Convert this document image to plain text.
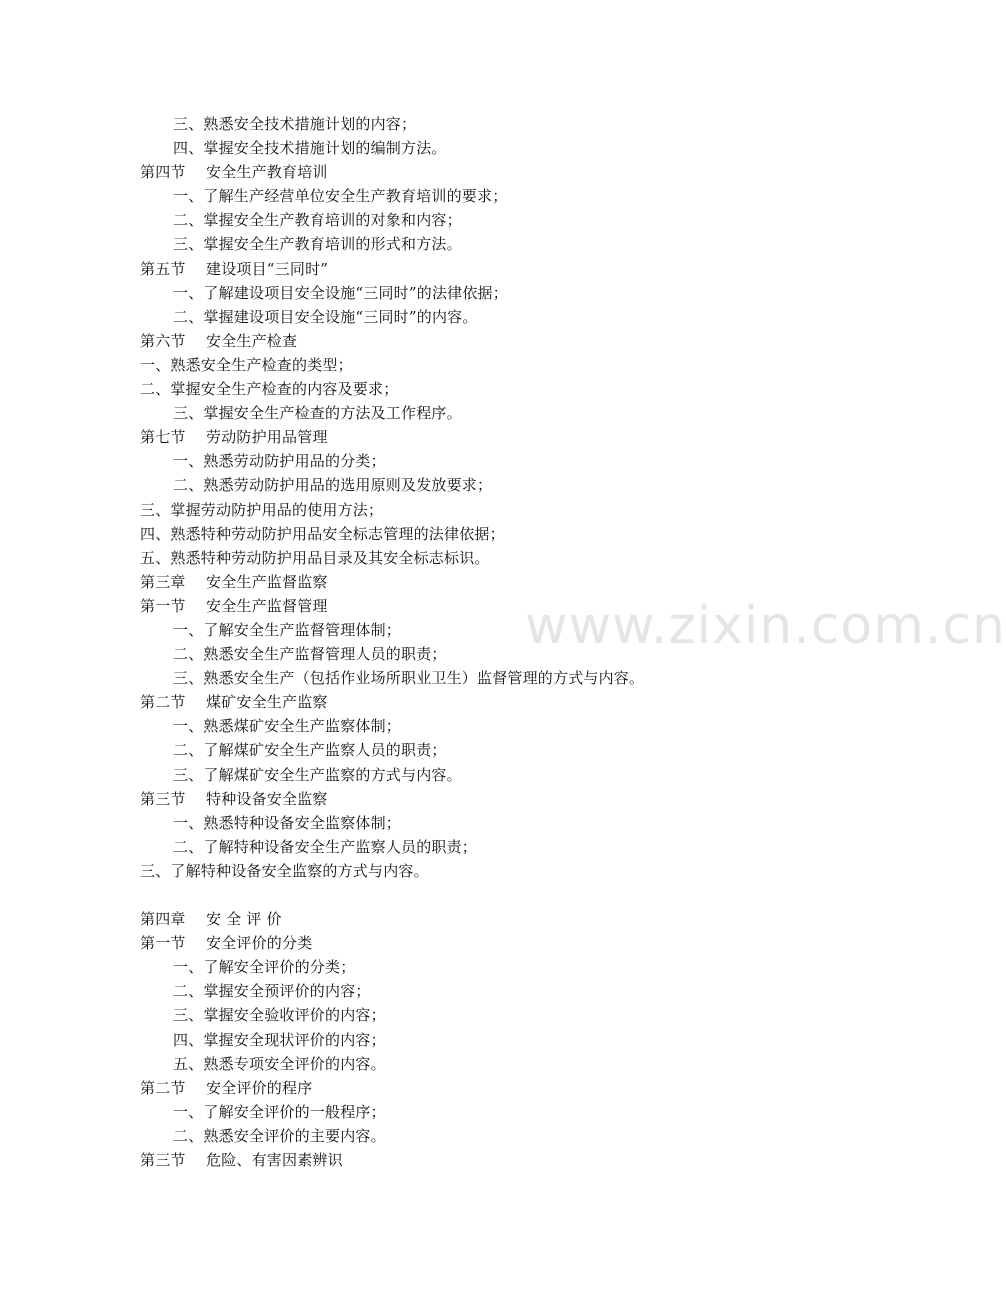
三、熟悉安全技术措施计划的内容；
四、掌握安全技术措施计划的编制方法。
第四节 安全生产教育培训
一、了解生产经营单位安全生产教育培训的要求；
二、掌握安全生产教育培训的对象和内容；
三、掌握安全生产教育培训的形式和方法。
第五节 建设项目“三同时”
一、了解建设项目安全设施“三同时”的法律依据；
二、掌握建设项目安全设施“三同时”的内容。
第六节 安全生产检查
一、熟悉安全生产检查的类型；
二、掌握安全生产检查的内容及要求；
三、掌握安全生产检查的方法及工作程序。
第七节 劳动防护用品管理
一、熟悉劳动防护用品的分类；
二、熟悉劳动防护用品的选用原则及发放要求；
三、掌握劳动防护用品的使用方法；
四、熟悉特种劳动防护用品安全标志管理的法律依据；
五、熟悉特种劳动防护用品目录及其安全标志标识。
第三章 安全生产监督监察
第一节 安全生产监督管理
一、了解安全生产监督管理体制；
二、熟悉安全生产监督管理人员的职责；
三、熟悉安全生产（包括作业场所职业卫生）监督管理的方式与内容。
第二节 煤矿安全生产监察
一、熟悉煤矿安全生产监察体制；
二、了解煤矿安全生产监察人员的职责；
三、了解煤矿安全生产监察的方式与内容。
第三节 特种设备安全监察
一、熟悉特种设备安全监察体制；
二、了解特种设备安全生产监察人员的职责；
三、了解特种设备安全监察的方式与内容。
第四章 安 全 评 价
第一节 安全评价的分类
一、了解安全评价的分类；
二、掌握安全预评价的内容；
三、掌握安全验收评价的内容；
四、掌握安全现状评价的内容；
五、熟悉专项安全评价的内容。
第二节 安全评价的程序
一、了解安全评价的一般程序；
二、熟悉安全评价的主要内容。
第三节 危险、有害因素辨识
www.zixin.com.cn
